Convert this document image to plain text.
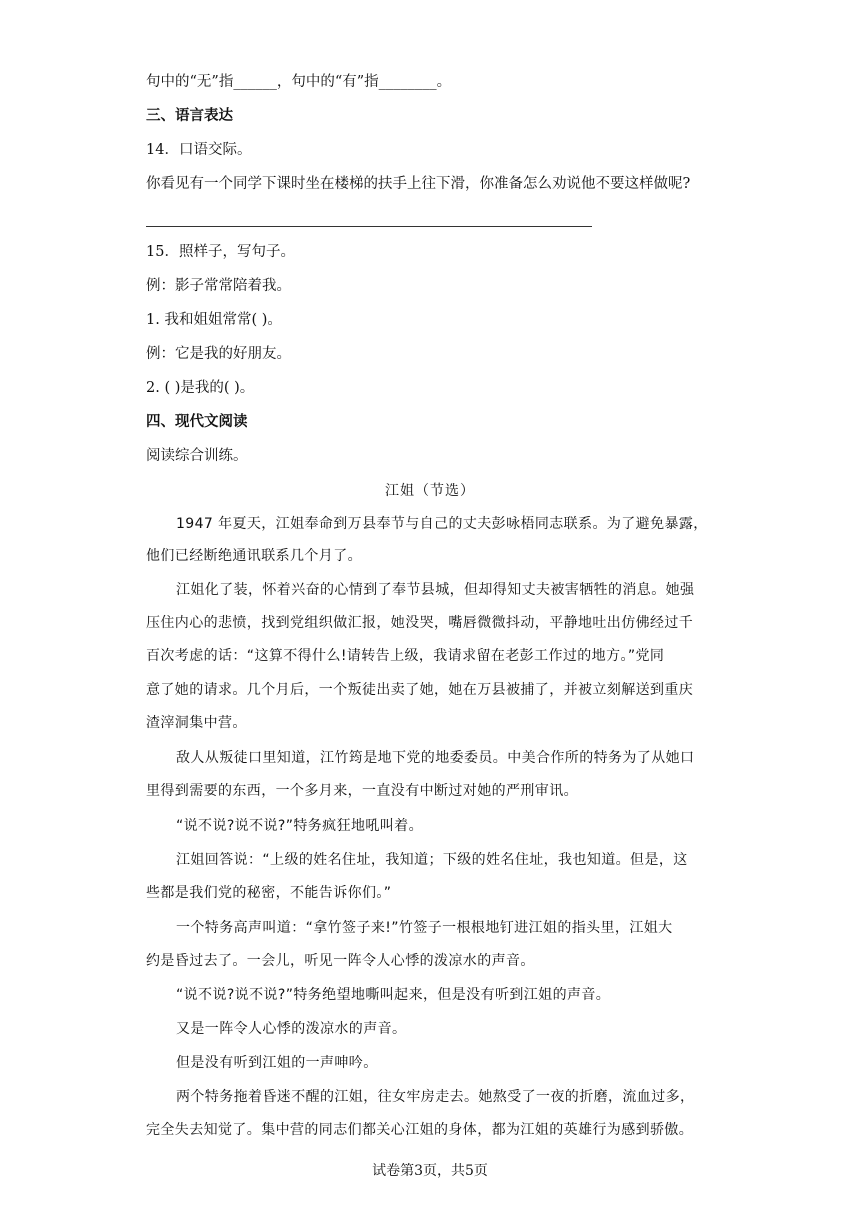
句中的“无”指______，句中的“有”指________。
三、语言表达
14．口语交际。
你看见有一个同学下课时坐在楼梯的扶手上往下滑，你准备怎么劝说他不要这样做呢?
15．照样子，写句子。
例：影子常常陪着我。
1. 我和姐姐常常( )。
例：它是我的好朋友。
2. ( )是我的( )。
四、现代文阅读
阅读综合训练。
江姐（节选）
1947 年夏天，江姐奉命到万县奉节与自己的丈夫彭咏梧同志联系。为了避免暴露，
他们已经断绝通讯联系几个月了。
江姐化了装，怀着兴奋的心情到了奉节县城，但却得知丈夫被害牺牲的消息。她强
压住内心的悲愤，找到党组织做汇报，她没哭，嘴唇微微抖动，平静地吐出仿佛经过千
百次考虑的话：“这算不得什么!请转告上级，我请求留在老彭工作过的地方。”党同
意了她的请求。几个月后，一个叛徒出卖了她，她在万县被捕了，并被立刻解送到重庆
渣滓洞集中营。
敌人从叛徒口里知道，江竹筠是地下党的地委委员。中美合作所的特务为了从她口
里得到需要的东西，一个多月来，一直没有中断过对她的严刑审讯。
“说不说?说不说?”特务疯狂地吼叫着。
江姐回答说：“上级的姓名住址，我知道；下级的姓名住址，我也知道。但是，这
些都是我们党的秘密，不能告诉你们。”
一个特务高声叫道：“拿竹签子来!”竹签子一根根地钉进江姐的指头里，江姐大
约是昏过去了。一会儿，听见一阵令人心悸的泼凉水的声音。
“说不说?说不说?”特务绝望地嘶叫起来，但是没有听到江姐的声音。
又是一阵令人心悸的泼凉水的声音。
但是没有听到江姐的一声呻吟。
两个特务拖着昏迷不醒的江姐，往女牢房走去。她熬受了一夜的折磨，流血过多，
完全失去知觉了。集中营的同志们都关心江姐的身体，都为江姐的英雄行为感到骄傲。
试卷第3页，共5页
